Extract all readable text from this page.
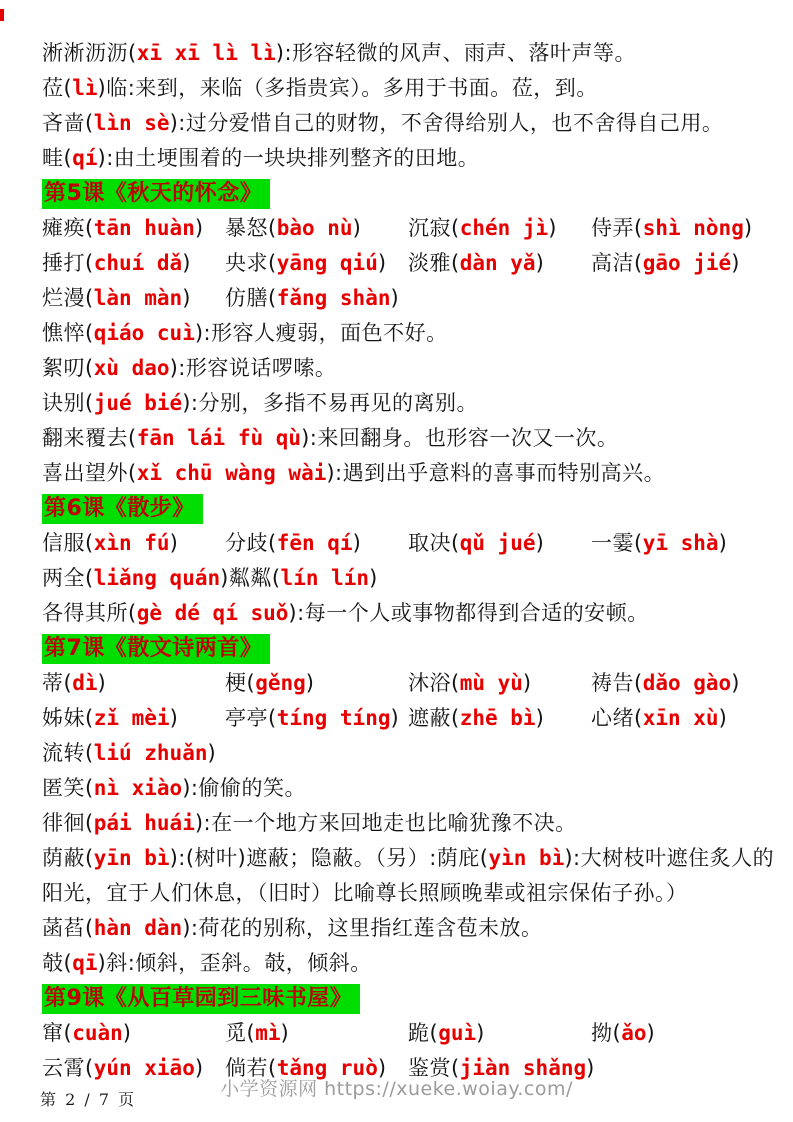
淅淅沥沥(xī xī lì lì):形容轻微的风声、雨声、落叶声等。

莅(lì)临:来到，来临（多指贵宾）。多用于书面。莅，到。

吝啬(lìn sè):过分爱惜自己的财物，不舍得给别人，也不舍得自己用。

畦(qí):由土埂围着的一块块排列整齐的田地。

第5课《秋天的怀念》

瘫痪(tān huàn)	暴怒(bào nù)	沉寂(chén jì)	侍弄(shì nòng)

捶打(chuí dǎ)	央求(yāng qiú)	淡雅(dàn yǎ)	高洁(gāo jié)

烂漫(làn màn)	仿膳(fǎng shàn)

憔悴(qiáo cuì):形容人瘦弱，面色不好。

絮叨(xù dao):形容说话啰嗦。

诀别(jué bié):分别，多指不易再见的离别。

翻来覆去(fān lái fù qù):来回翻身。也形容一次又一次。

喜出望外(xǐ chū wàng wài):遇到出乎意料的喜事而特别高兴。

第6课《散步》

信服(xìn fú)	分歧(fēn qí)	取决(qǔ jué)	一霎(yī shà)

两全(liǎng quán) 粼粼(lín lín)

各得其所(gè dé qí suǒ):每一个人或事物都得到合适的安顿。

第7课《散文诗两首》

蒂(dì)	梗(gěng)	沐浴(mù yù)	祷告(dǎo gào)

姊妹(zǐ mèi)	亭亭(tíng tíng) 遮蔽(zhē bì)	心绪(xīn xù)

流转(liú zhuǎn)

匿笑(nì xiào):偷偷的笑。

徘徊(pái huái):在一个地方来回地走也比喻犹豫不决。

荫蔽(yīn bì):(树叶)遮蔽；隐蔽。（另）:荫庇(yìn bì):大树枝叶遮住炙人的阳光，宜于人们休息，（旧时）比喻尊长照顾晚辈或祖宗保佑子孙。）

菡萏(hàn dàn):荷花的别称，这里指红莲含苞未放。

攲(qī)斜:倾斜，歪斜。攲，倾斜。

第9课《从百草园到三味书屋》

窜(cuàn)	觅(mì)	跪(guì)	拗(ǎo)

云霄(yún xiāo)	倘若(tǎng ruò)	鉴赏(jiàn shǎng)

小学资源网 https://xueke.woiay.com/
第 2 / 7 页
